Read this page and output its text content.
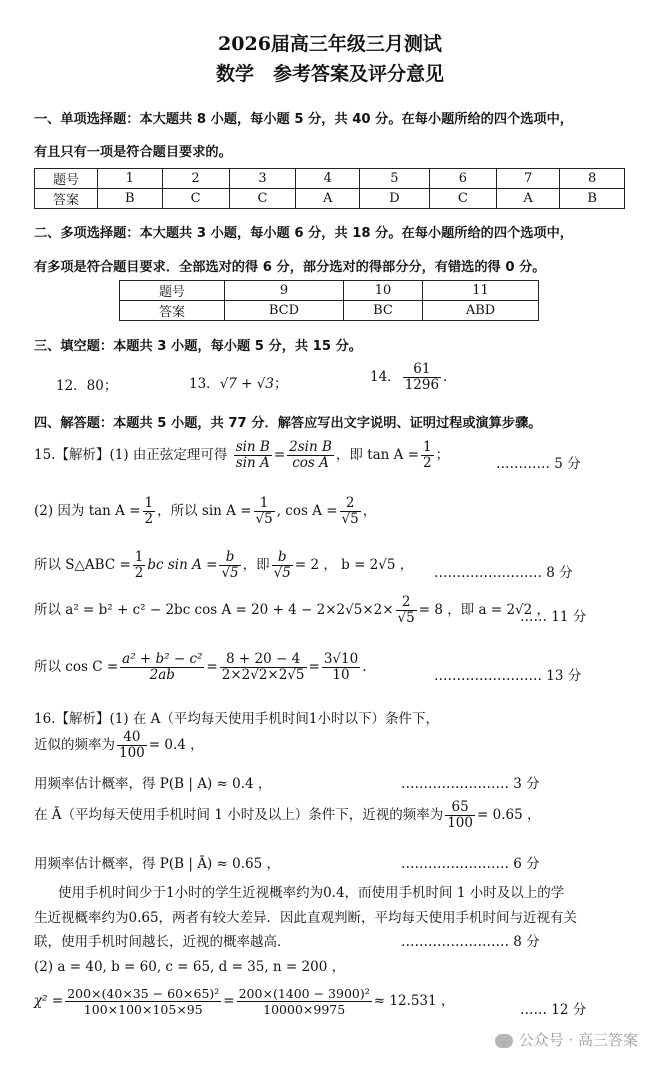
2026届高三年级三月测试
数学　参考答案及评分意见
一、单项选择题：本大题共 8 小题，每小题 5 分，共 40 分。在每小题所给的四个选项中，
有且只有一项是符合题目要求的。
题号	1	2	3	4	5	6	7	8
答案	B	C	C	A	D	C	A	B
二、多项选择题：本大题共 3 小题，每小题 6 分，共 18 分。在每小题所给的四个选项中，
有多项是符合题目要求．全部选对的得 6 分，部分选对的得部分分，有错选的得 0 分。
题号	9	10	11
答案	BCD	BC	ABD
三、填空题：本题共 3 小题，每小题 5 分，共 15 分。
12．80；	13．√7 + √3；	14． $\frac{61}{1296}$ ．
四、解答题：本题共 5 小题，共 77 分．解答应写出文字说明、证明过程或演算步骤。
15.【解析】(1) 由正弦定理可得 $\frac{\text{sin B}}{\text{sin A}} = \frac{\text{2sin B}}{\text{cos A}}$ ，即 $\tan A = \frac{1}{2}$ ；
………… 5 分
(2) 因为 $\tan A = \frac{1}{2}$ ，所以 $\sin A = \frac{1}{√5}$ , $\cos A = \frac{2}{√5}$ ，
所以 S△ABC = $\frac{1}{2}$ bc $\sin A = \frac{b}{√5}$ ，即 $\frac{b}{√5} = 2$ ， b = 2√5 ， …………………… 8 分
所以 a² = b² + c² − 2bc $\cos A = 20 + 4 - 2\times 2√5\times 2\times \frac{2}{√5} = 8$ ，即 a = 2√2 ，
…… 11 分
所以 $\cos C = \frac{\text{a² + b² − c²}}{2ab} = \frac{8 + 20 - 4}{2\times 2√2\times 2√5} = \frac{3√10}{10}$ .
…………………… 13 分
16.【解析】(1) 在 A（平均每天使用手机时间1小时以下）条件下，
近似的频率为 $\frac{40}{100} = 0.4$ ，
用频率估计概率，得 P(B | A) ≈ 0.4 ，	…………………… 3 分
在 Ā（平均每天使用手机时间 1 小时及以上）条件下，近视的频率为 $\frac{65}{100} = 0.65$ ，
用频率估计概率，得 P(B | Ā) ≈ 0.65 ，	…………………… 6 分
使用手机时间少于1小时的学生近视概率约为0.4，而使用手机时间 1 小时及以上的学
生近视概率约为0.65，两者有较大差异．因此直观判断，平均每天使用手机时间与近视有关
联，使用手机时间越长，近视的概率越高．	…………………… 8 分
(2) a = 40, b = 60, c = 65, d = 35, n = 200 ，
$\chi^2 = \frac{\text{200×(40×35 − 60×65)²}}{100\times 100\times 105\times 95} = \frac{\text{200×(1400 − 3900)²}}{10000\times 9975} \approx 12.531$ ，
…… 12 分
公众号 · 高三答案
